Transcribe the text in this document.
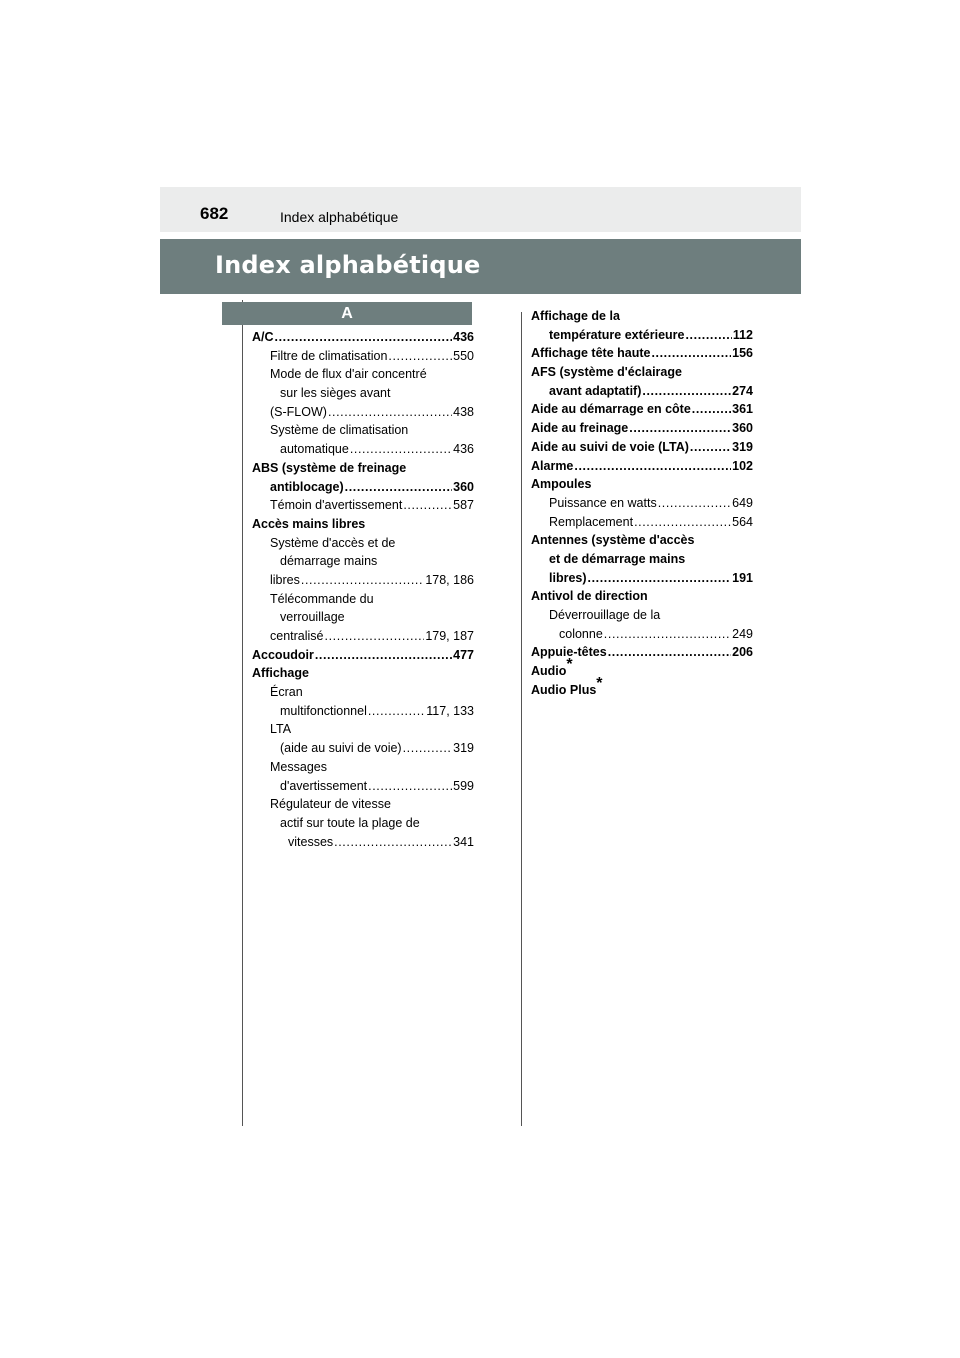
682	Index alphabétique
Index alphabétique
A
A/C .....	436
Filtre de climatisation .....	550
Mode de flux d'air concentré
sur les sièges avant
(S-FLOW) .....	438
Système de climatisation
automatique .....	436
ABS (système de freinage
antiblocage) .....	360
Témoin d'avertissement .....	587
Accès mains libres
Système d'accès et de
démarrage mains
libres .....	178, 186
Télécommande du
verrouillage
centralisé .....	179, 187
Accoudoir .....	477
Affichage
Écran
multifonctionnel .....	117, 133
LTA
(aide au suivi de voie) .....	319
Messages
d'avertissement .....	599
Régulateur de vitesse
actif sur toute la plage de
vitesses .....	341
Affichage de la
température extérieure .....	112
Affichage tête haute .....	156
AFS (système d'éclairage
avant adaptatif) .....	274
Aide au démarrage en côte .....	361
Aide au freinage .....	360
Aide au suivi de voie (LTA) .....	319
Alarme .....	102
Ampoules
Puissance en watts .....	649
Remplacement .....	564
Antennes (système d'accès
et de démarrage mains
libres) .....	191
Antivol de direction
Déverrouillage de la
colonne .....	249
Appuie-têtes .....	206
Audio*
Audio Plus*
